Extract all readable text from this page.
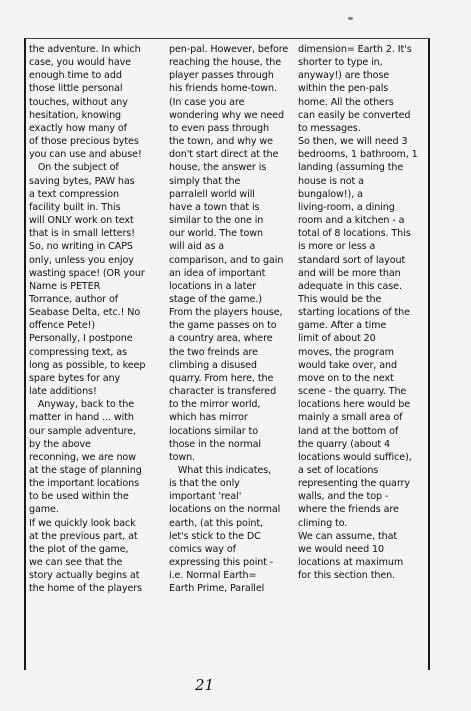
the adventure. In which
case, you would have
enough time to add
those little personal
touches, without any
hesitation, knowing
exactly how many of
of those precious bytes
you can use and abuse!
On the subject of
saving bytes, PAW has
a text compression
facility built in. This
will ONLY work on text
that is in small letters!
So, no writing in CAPS
only, unless you enjoy
wasting space! (OR your
Name is PETER
Torrance, author of
Seabase Delta, etc.! No
offence Pete!)
Personally, I postpone
compressing text, as
long as possible, to keep
spare bytes for any
late additions!
Anyway, back to the
matter in hand ... with
our sample adventure,
by the above
reconning, we are now
at the stage of planning
the important locations
to be used within the
game.
If we quickly look back
at the previous part, at
the plot of the game,
we can see that the
story actually begins at
the home of the players
pen-pal. However, before
reaching the house, the
player passes through
his friends home-town.
(In case you are
wondering why we need
to even pass through
the town, and why we
don't start direct at the
house, the answer is
simply that the
parralell world will
have a town that is
similar to the one in
our world. The town
will aid as a
comparison, and to gain
an idea of important
locations in a later
stage of the game.)
From the players house,
the game passes on to
a country area, where
the two freinds are
climbing a disused
quarry. From here, the
character is transfered
to the mirror world,
which has mirror
locations similar to
those in the normal
town.
What this indicates,
is that the only
important 'real'
locations on the normal
earth, (at this point,
let's stick to the DC
comics way of
expressing this point -
i.e. Normal Earth=
Earth Prime, Parallel
dimension= Earth 2. It's
shorter to type in,
anyway!) are those
within the pen-pals
home. All the others
can easily be converted
to messages.
So then, we will need 3
bedrooms, 1 bathroom, 1
landing (assuming the
house is not a
bungalow!), a
living-room, a dining
room and a kitchen - a
total of 8 locations. This
is more or less a
standard sort of layout
and will be more than
adequate in this case.
This would be the
starting locations of the
game. After a time
limit of about 20
moves, the program
would take over, and
move on to the next
scene - the quarry. The
locations here would be
mainly a small area of
land at the bottom of
the quarry (about 4
locations would suffice),
a set of locations
representing the quarry
walls, and the top -
where the friends are
climing to.
We can assume, that
we would need 10
locations at maximum
for this section then.
21
